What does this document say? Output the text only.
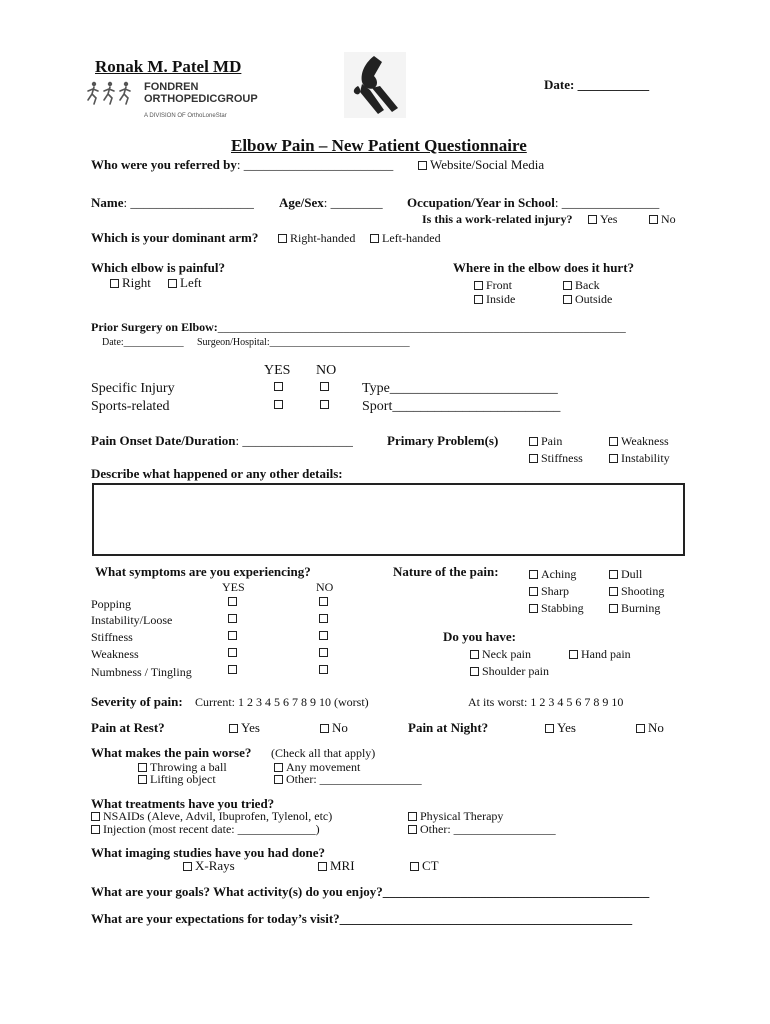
Ronak M. Patel MD
FONDREN
ORTHOPEDICGROUP
A DIVISION OF OrthoLoneStar
Date: ___________
Elbow Pain – New Patient Questionnaire
Who were you referred by: _______________________	Website/Social Media
Name: ___________________ Age/Sex: ________ Occupation/Year in School: _______________
Is this a work-related injury?	Yes	No
Which is your dominant arm?	Right-handed	Left-handed
Which elbow is painful?
Right	Left
Where in the elbow does it hurt?
Front	Back
Inside	Outside
Prior Surgery on Elbow:____________________________________________________________________
Date:____________ Surgeon/Hospital:____________________________
YES NO
Specific Injury	Type________________________
Sports-related	Sport________________________
Pain Onset Date/Duration: _________________	Primary Problem(s)	Pain	Weakness
Stiffness	Instability
Describe what happened or any other details:
What symptoms are you experiencing?
YES	NO
Popping
Instability/Loose
Stiffness
Weakness
Numbness / Tingling
Nature of the pain:	Aching	Dull
Sharp	Shooting
Stabbing	Burning
Do you have:
Neck pain	Hand pain
Shoulder pain
Severity of pain: Current: 1 2 3 4 5 6 7 8 9 10 (worst)	At its worst: 1 2 3 4 5 6 7 8 9 10
Pain at Rest?	Yes	No	Pain at Night?	Yes	No
What makes the pain worse? (Check all that apply)
Throwing a ball	Any movement
Lifting object	Other: _________________
What treatments have you tried?
NSAIDs (Aleve, Advil, Ibuprofen, Tylenol, etc)	Physical Therapy
Injection (most recent date: _____________)	Other: _________________
What imaging studies have you had done?
X-Rays	MRI	CT
What are your goals? What activity(s) do you enjoy?_________________________________________
What are your expectations for today’s visit?_____________________________________________
